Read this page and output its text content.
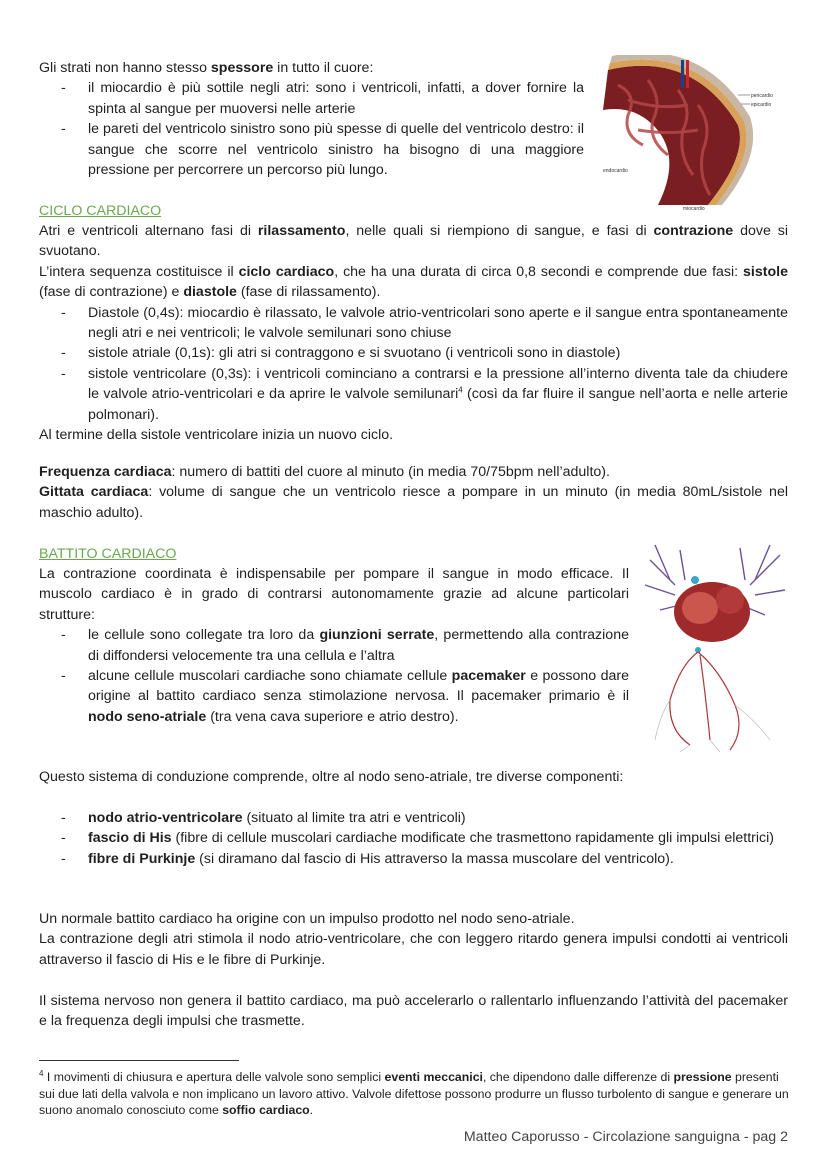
Gli strati non hanno stesso spessore in tutto il cuore:

- il miocardio è più sottile negli atri: sono i ventricoli, infatti, a dover fornire la spinta al sangue per muoversi nelle arterie
- le pareti del ventricolo sinistro sono più spesse di quelle del ventricolo destro: il sangue che scorre nel ventricolo sinistro ha bisogno di una maggiore pressione per percorrere un percorso più lungo.
pericardio
epicardio
endocardio
miocardio
CICLO CARDIACO

Atri e ventricoli alternano fasi di rilassamento, nelle quali si riempiono di sangue, e fasi di contrazione dove si svuotano.

L’intera sequenza costituisce il ciclo cardiaco, che ha una durata di circa 0,8 secondi e comprende due fasi: sistole (fase di contrazione) e diastole (fase di rilassamento).

- Diastole (0,4s): miocardio è rilassato, le valvole atrio-ventricolari sono aperte e il sangue entra spontaneamente negli atri e nei ventricoli; le valvole semilunari sono chiuse
- sistole atriale (0,1s): gli atri si contraggono e si svuotano (i ventricoli sono in diastole)
- sistole ventricolare (0,3s): i ventricoli cominciano a contrarsi e la pressione all’interno diventa tale da chiudere le valvole atrio-ventricolari e da aprire le valvole semilunari$^4$ (così da far fluire il sangue nell’aorta e nelle arterie polmonari).

Al termine della sistole ventricolare inizia un nuovo ciclo.

Frequenza cardiaca: numero di battiti del cuore al minuto (in media 70/75bpm nell’adulto).

Gittata cardiaca: volume di sangue che un ventricolo riesce a pompare in un minuto (in media 80mL/sistole nel maschio adulto).

BATTITO CARDIACO

La contrazione coordinata è indispensabile per pompare il sangue in modo efficace. Il muscolo cardiaco è in grado di contrarsi autonomamente grazie ad alcune particolari strutture:

- le cellule sono collegate tra loro da giunzioni serrate, permettendo alla contrazione di diffondersi velocemente tra una cellula e l’altra
- alcune cellule muscolari cardiache sono chiamate cellule pacemaker e possono dare origine al battito cardiaco senza stimolazione nervosa. Il pacemaker primario è il nodo seno-atriale (tra vena cava superiore e atrio destro).

Questo sistema di conduzione comprende, oltre al nodo seno-atriale, tre diverse componenti:

- nodo atrio-ventricolare (situato al limite tra atri e ventricoli)
- fascio di His (fibre di cellule muscolari cardiache modificate che trasmettono rapidamente gli impulsi elettrici)
- fibre di Purkinje (si diramano dal fascio di His attraverso la massa muscolare del ventricolo).

Un normale battito cardiaco ha origine con un impulso prodotto nel nodo seno-atriale.

La contrazione degli atri stimola il nodo atrio-ventricolare, che con leggero ritardo genera impulsi condotti ai ventricoli attraverso il fascio di His e le fibre di Purkinje.

Il sistema nervoso non genera il battito cardiaco, ma può accelerarlo o rallentarlo influenzando l’attività del pacemaker e la frequenza degli impulsi che trasmette.

$^4$ I movimenti di chiusura e apertura delle valvole sono semplici eventi meccanici, che dipendono dalle differenze di pressione presenti sui due lati della valvola e non implicano un lavoro attivo. Valvole difettose possono produrre un flusso turbolento di sangue e generare un suono anomalo conosciuto come soffio cardiaco.
Matteo Caporusso - Circolazione sanguigna - pag 2
